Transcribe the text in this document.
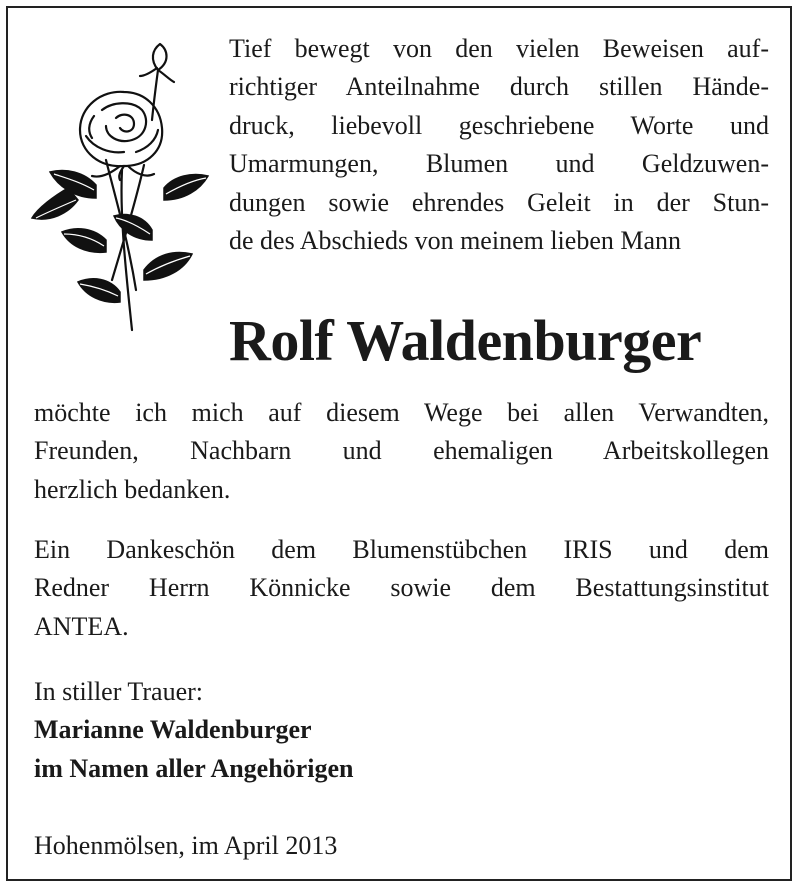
Tief bewegt von den vielen Beweisen auf-
richtiger Anteilnahme durch stillen Hände-
druck, liebevoll geschriebene Worte und
Umarmungen, Blumen und Geldzuwen-
dungen sowie ehrendes Geleit in der Stun-
de des Abschieds von meinem lieben Mann
Rolf Waldenburger
möchte ich mich auf diesem Wege bei allen Verwandten,
Freunden, Nachbarn und ehemaligen Arbeitskollegen
herzlich bedanken.
Ein Dankeschön dem Blumenstübchen IRIS und dem
Redner Herrn Könnicke sowie dem Bestattungsinstitut
ANTEA.
In stiller Trauer:
Marianne Waldenburger
im Namen aller Angehörigen
Hohenmölsen, im April 2013
